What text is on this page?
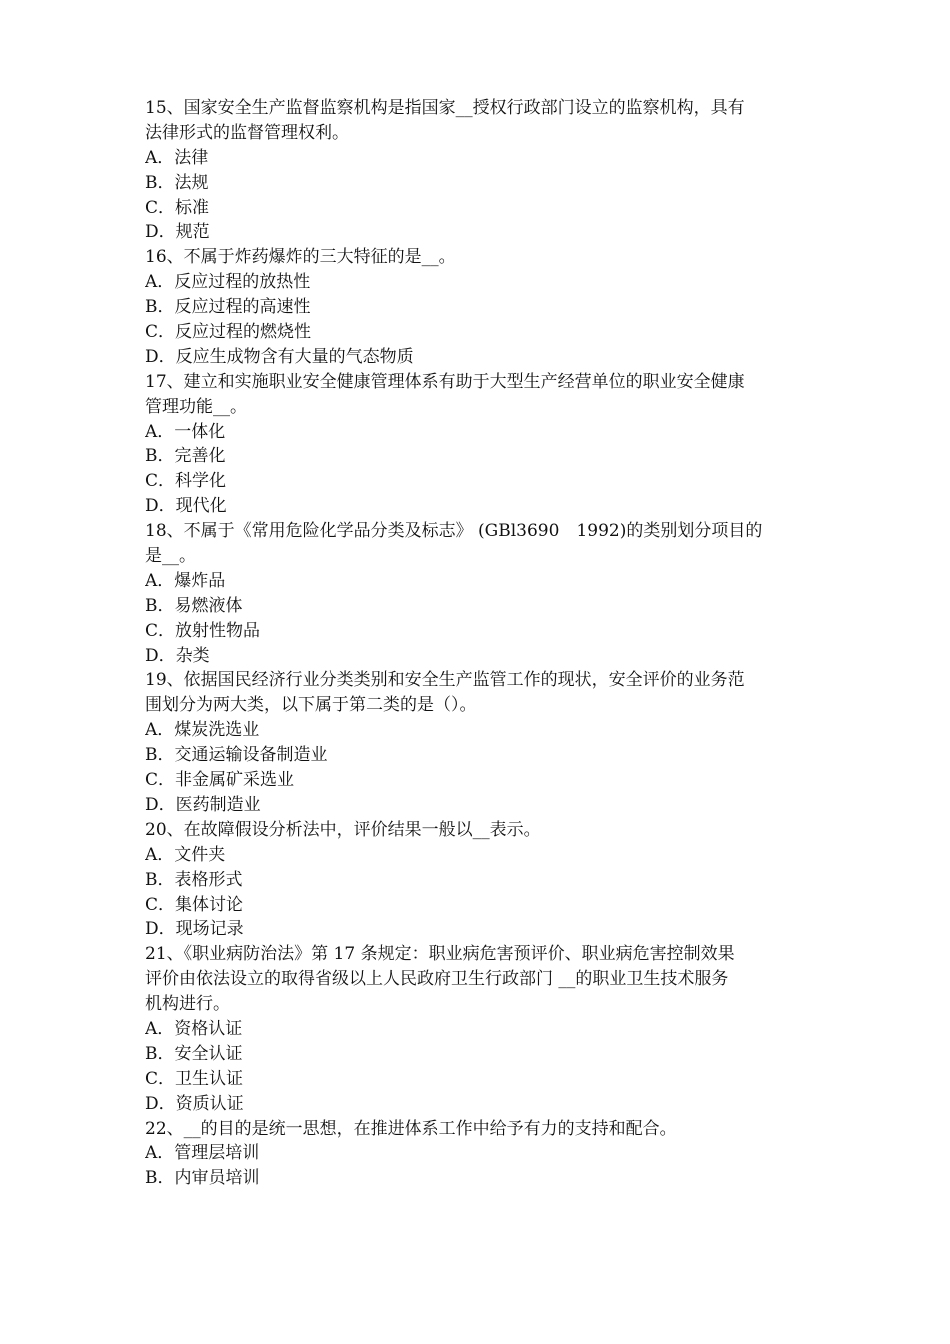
15、国家安全生产监督监察机构是指国家__授权行政部门设立的监察机构，具有
法律形式的监督管理权利。
A．法律
B．法规
C．标准
D．规范
16、不属于炸药爆炸的三大特征的是__。
A．反应过程的放热性
B．反应过程的高速性
C．反应过程的燃烧性
D．反应生成物含有大量的气态物质
17、建立和实施职业安全健康管理体系有助于大型生产经营单位的职业安全健康
管理功能__。
A．一体化
B．完善化
C．科学化
D．现代化
18、不属于《常用危险化学品分类及标志》 (GBl3690　1992)的类别划分项目的
是__。
A．爆炸品
B．易燃液体
C．放射性物品
D．杂类
19、依据国民经济行业分类类别和安全生产监管工作的现状，安全评价的业务范
围划分为两大类，以下属于第二类的是（）。
A．煤炭洗选业
B．交通运输设备制造业
C．非金属矿采选业
D．医药制造业
20、在故障假设分析法中，评价结果一般以__表示。
A．文件夹
B．表格形式
C．集体讨论
D．现场记录
21、《职业病防治法》第 17 条规定：职业病危害预评价、职业病危害控制效果
评价由依法设立的取得省级以上人民政府卫生行政部门 __的职业卫生技术服务
机构进行。
A．资格认证
B．安全认证
C．卫生认证
D．资质认证
22、__的目的是统一思想，在推进体系工作中给予有力的支持和配合。
A．管理层培训
B．内审员培训
